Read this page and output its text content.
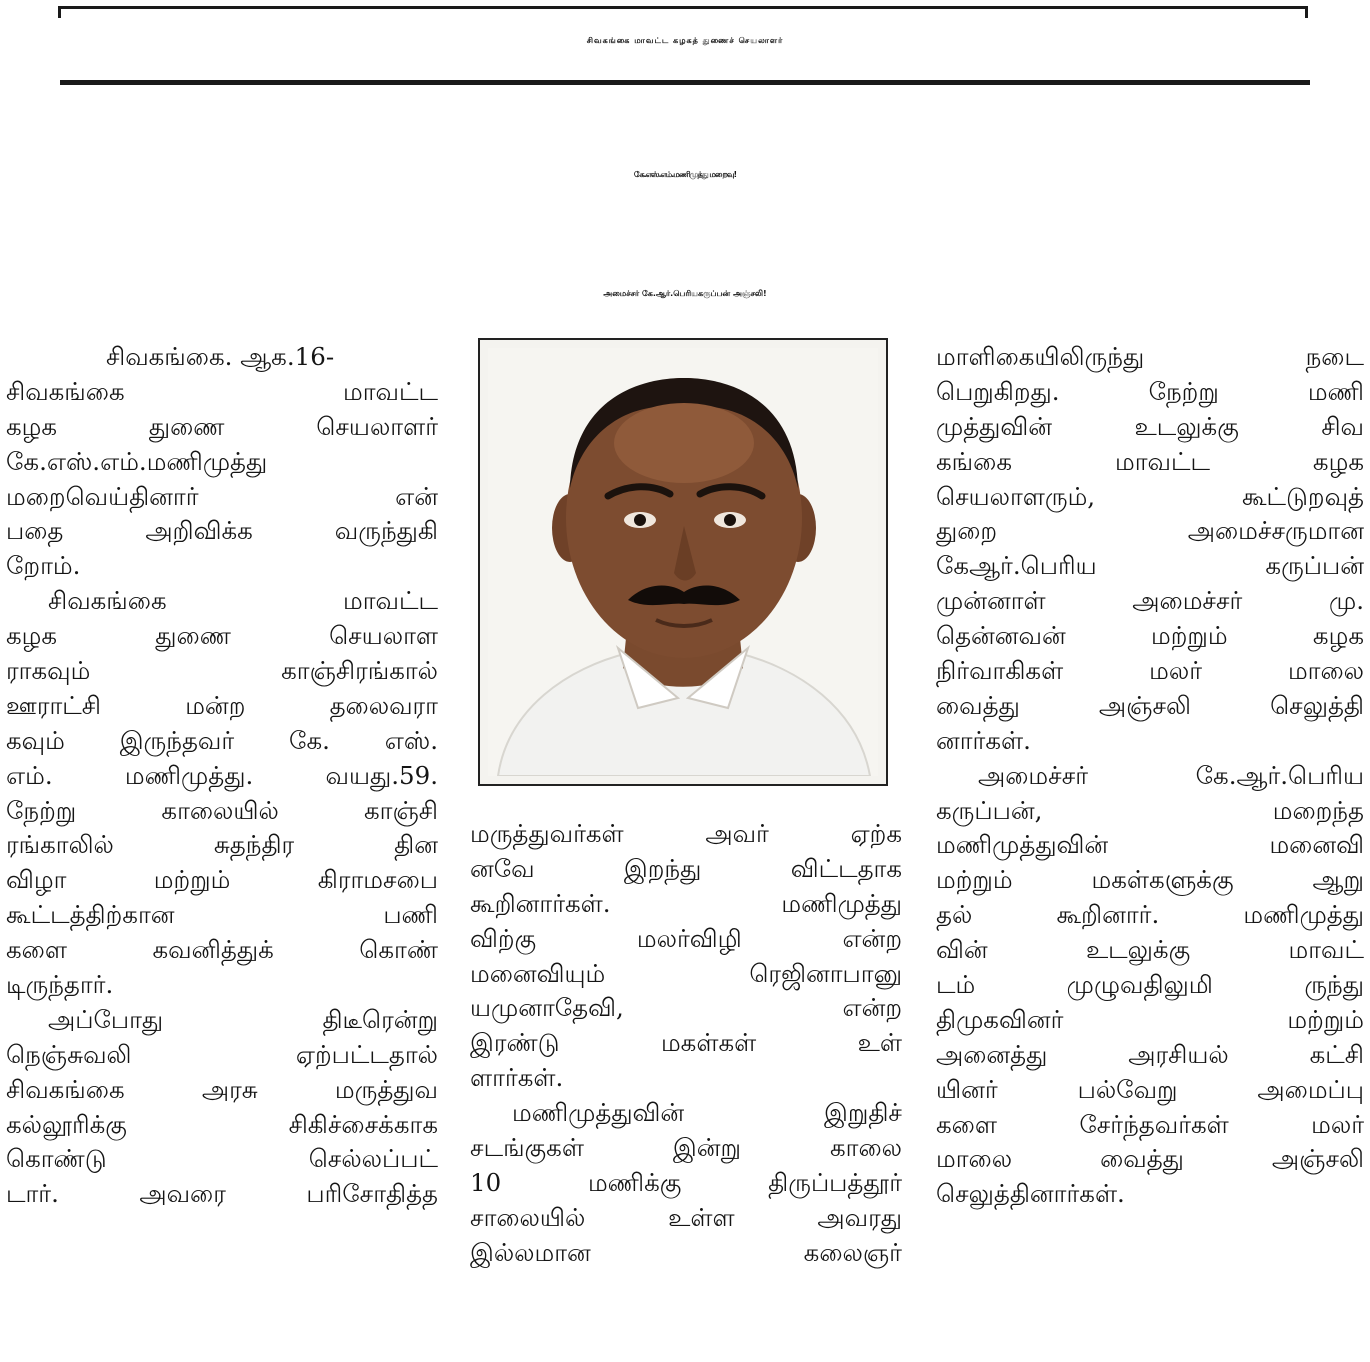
சிவகங்கை மாவட்ட கழகத் துணைச் செயலாளர்
கே.எஸ்.எம்.மணிமுத்து மறைவு!
அமைச்சர் கே.ஆர்.பெரியகருப்பன் அஞ்சலி!
சிவகங்கை. ஆக.16-
சிவகங்கை மாவட்ட
கழக துணை செயலாளர்
கே.எஸ்.எம்.மணிமுத்து
மறைவெய்தினார் என்
பதை அறிவிக்க வருந்துகி
றோம்.
சிவகங்கை மாவட்ட
கழக துணை செயலாள
ராகவும் காஞ்சிரங்கால்
ஊராட்சி மன்ற தலைவரா
கவும் இருந்தவர் கே. எஸ்.
எம். மணிமுத்து. வயது.59.
நேற்று காலையில் காஞ்சி
ரங்காலில் சுதந்திர தின
விழா மற்றும் கிராமசபை
கூட்டத்திற்கான பணி
களை கவனித்துக் கொண்
டிருந்தார்.
அப்போது திடீரென்று
நெஞ்சுவலி ஏற்பட்டதால்
சிவகங்கை அரசு மருத்துவ
கல்லூரிக்கு சிகிச்சைக்காக
கொண்டு செல்லப்பட்
டார். அவரை பரிசோதித்த
மருத்துவர்கள் அவர் ஏற்க
னவே இறந்து விட்டதாக
கூறினார்கள். மணிமுத்து
விற்கு மலர்விழி என்ற
மனைவியும் ரெஜினாபானு
யமுனாதேவி, என்ற
இரண்டு மகள்கள் உள்
ளார்கள்.
மணிமுத்துவின் இறுதிச்
சடங்குகள் இன்று காலை
10 மணிக்கு திருப்பத்தூர்
சாலையில் உள்ள அவரது
இல்லமான கலைஞர்
மாளிகையிலிருந்து நடை
பெறுகிறது. நேற்று மணி
முத்துவின் உடலுக்கு சிவ
கங்கை மாவட்ட கழக
செயலாளரும், கூட்டுறவுத்
துறை அமைச்சருமான
கேஆர்.பெரிய கருப்பன்
முன்னாள் அமைச்சர் மு.
தென்னவன் மற்றும் கழக
நிர்வாகிகள் மலர் மாலை
வைத்து அஞ்சலி செலுத்தி
னார்கள்.
அமைச்சர் கே.ஆர்.பெரிய
கருப்பன், மறைந்த
மணிமுத்துவின் மனைவி
மற்றும் மகள்களுக்கு ஆறு
தல் கூறினார். மணிமுத்து
வின் உடலுக்கு மாவட்
டம் முழுவதிலுமி ருந்து
திமுகவினர் மற்றும்
அனைத்து அரசியல் கட்சி
யினர் பல்வேறு அமைப்பு
களை சேர்ந்தவர்கள் மலர்
மாலை வைத்து அஞ்சலி
செலுத்தினார்கள்.
